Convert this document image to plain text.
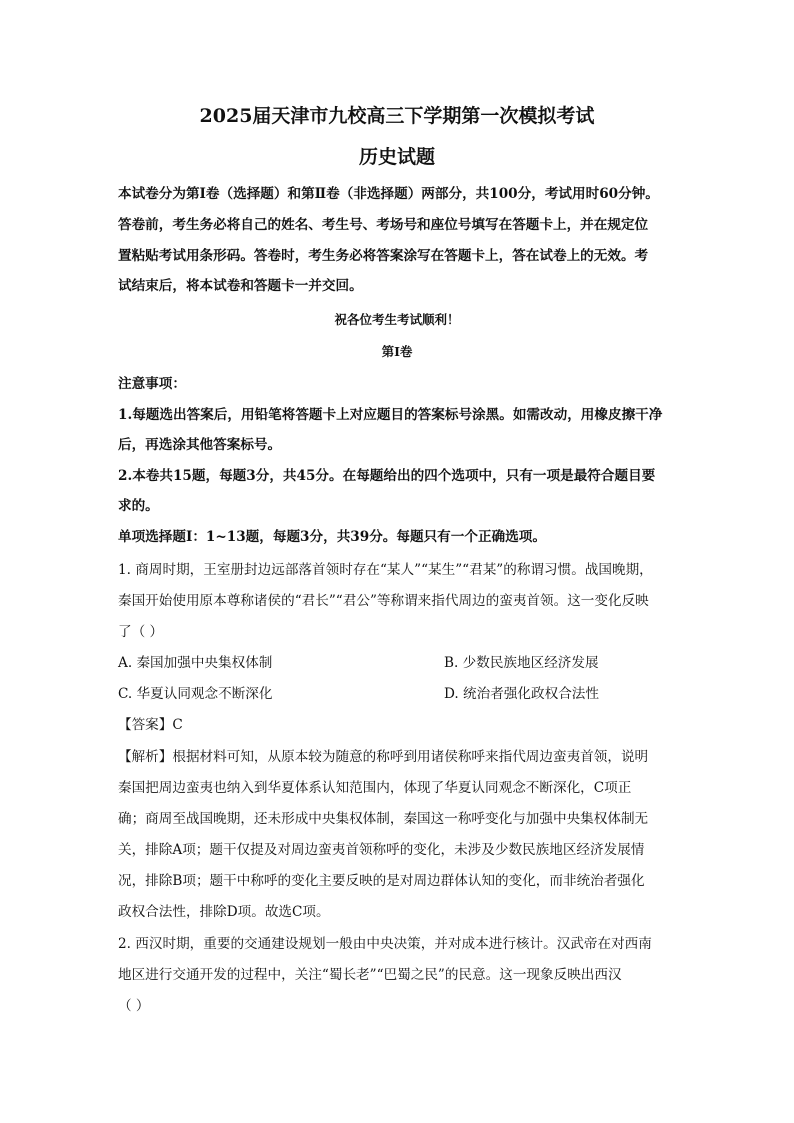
2025届天津市九校高三下学期第一次模拟考试
历史试题
本试卷分为第Ⅰ卷（选择题）和第Ⅱ卷（非选择题）两部分，共100分，考试用时60分钟。
答卷前，考生务必将自己的姓名、考生号、考场号和座位号填写在答题卡上，并在规定位
置粘贴考试用条形码。答卷时，考生务必将答案涂写在答题卡上，答在试卷上的无效。考
试结束后，将本试卷和答题卡一并交回。
祝各位考生考试顺利！
第Ⅰ卷
注意事项：
1.每题选出答案后，用铅笔将答题卡上对应题目的答案标号涂黑。如需改动，用橡皮擦干净
后，再选涂其他答案标号。
2.本卷共15题，每题3分，共45分。在每题给出的四个选项中，只有一项是最符合题目要
求的。
单项选择题Ⅰ：1~13题，每题3分，共39分。每题只有一个正确选项。
1. 商周时期，王室册封边远部落首领时存在“某人”“某生”“君某”的称谓习惯。战国晚期，
秦国开始使用原本尊称诸侯的“君长”“君公”等称谓来指代周边的蛮夷首领。这一变化反映
了（ ）
A. 秦国加强中央集权体制	B. 少数民族地区经济发展
C. 华夏认同观念不断深化	D. 统治者强化政权合法性
【答案】C
【解析】根据材料可知，从原本较为随意的称呼到用诸侯称呼来指代周边蛮夷首领，说明
秦国把周边蛮夷也纳入到华夏体系认知范围内，体现了华夏认同观念不断深化，C项正
确；商周至战国晚期，还未形成中央集权体制，秦国这一称呼变化与加强中央集权体制无
关，排除A项；题干仅提及对周边蛮夷首领称呼的变化，未涉及少数民族地区经济发展情
况，排除B项；题干中称呼的变化主要反映的是对周边群体认知的变化，而非统治者强化
政权合法性，排除D项。故选C项。
2. 西汉时期，重要的交通建设规划一般由中央决策，并对成本进行核计。汉武帝在对西南
地区进行交通开发的过程中，关注“蜀长老”“巴蜀之民”的民意。这一现象反映出西汉
（ ）
